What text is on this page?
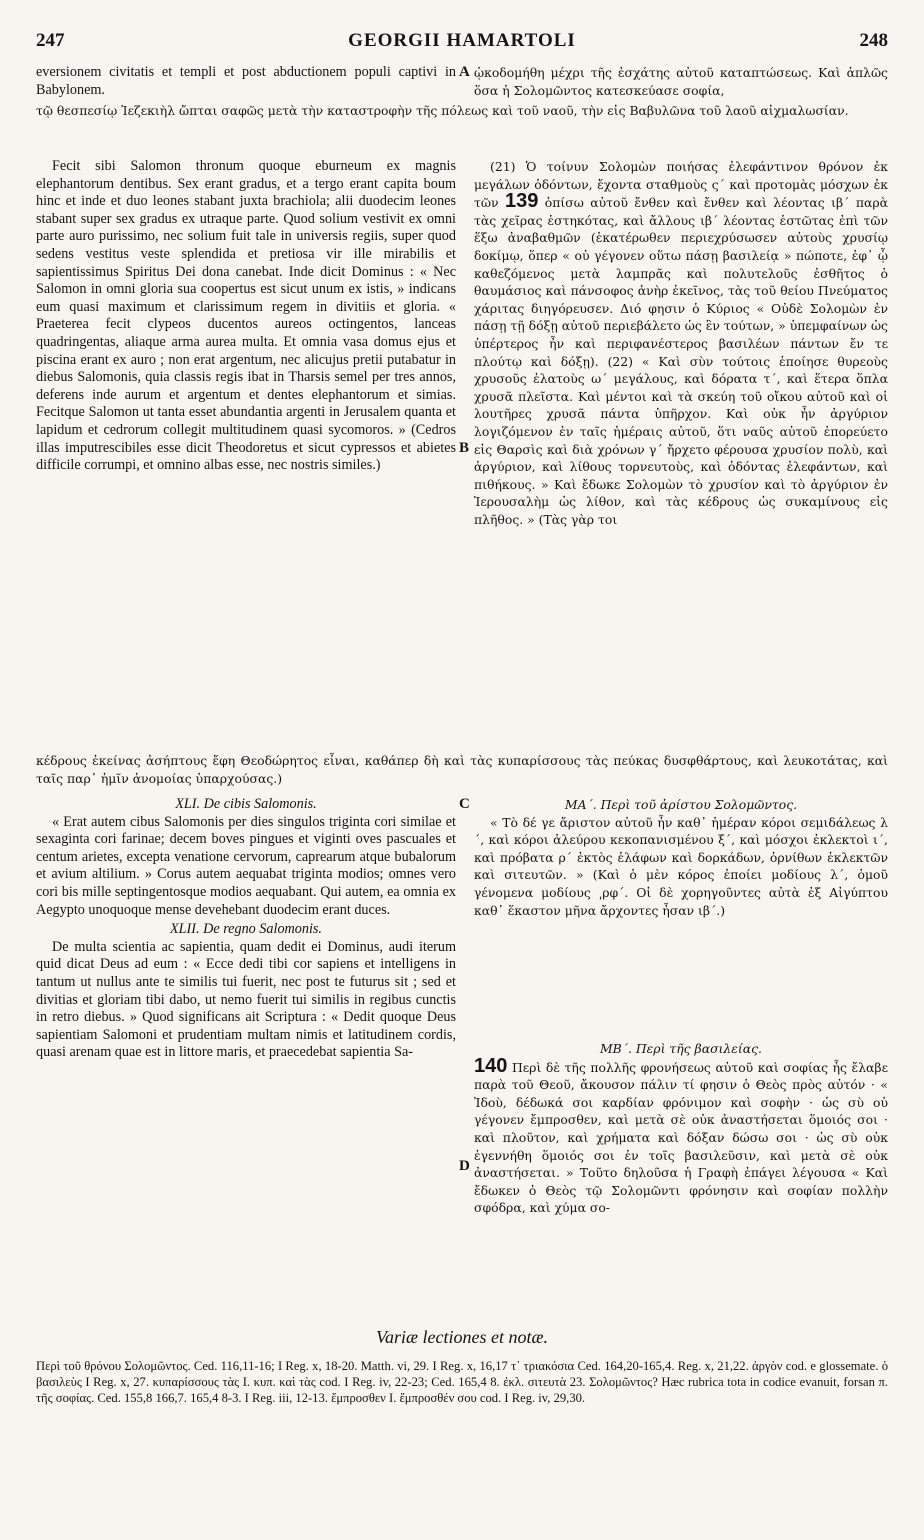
247	GEORGII HAMARTOLI	248

eversionem civitatis et templi et post abductionem populi captivi in Babylonem.

A ᾠκοδομήθη μέχρι τῆς ἐσχάτης αὐτοῦ καταπτώσεως. Καὶ ἁπλῶς ὅσα ἡ Σολομῶντος κατεσκεύασε σοφία,

τῷ θεσπεσίῳ Ἰεζεκιὴλ ὤπται σαφῶς μετὰ τὴν καταστροφὴν τῆς πόλεως καὶ τοῦ ναοῦ, τὴν εἰς Βαβυλῶνα τοῦ λαοῦ αἰχμαλωσίαν.

Fecit sibi Salomon thronum quoque eburneum ex magnis elephantorum dentibus. Sex erant gradus, et a tergo erant capita boum hinc et inde et duo leones stabant juxta brachiola; alii duodecim leones stabant super sex gradus ex utraque parte. Quod solium vestivit ex omni parte auro purissimo, nec solium fuit tale in universis regiis, super quod sedens vestitus veste splendida et pretiosa vir ille mirabilis et sapientissimus Spiritus Dei dona canebat. Inde dicit Dominus : « Nec Salomon in omni gloria sua coopertus est sicut unum ex istis, » indicans eum quasi maximum et clarissimum regem in divitiis et gloria. « Praeterea fecit clypeos ducentos aureos octingentos, lanceas quadringentas, aliaque arma aurea multa. Et omnia vasa domus ejus et piscina erant ex auro ; non erat argentum, nec alicujus pretii putabatur in diebus Salomonis, quia classis regis ibat in Tharsis semel per tres annos, deferens inde aurum et argentum et dentes elephantorum et simias. Fecitque Salomon ut tanta esset abundantia argenti in Jerusalem quanta et lapidum et cedrorum collegit multitudinem quasi sycomoros. » (Cedros illas imputrescibiles esse dicit Theodoretus et sicut cypressos et abietes difficile corrumpi, et omnino albas esse, nec nostris similes.)

B

(21) Ὁ τοίνυν Σολομὼν ποιήσας ἐλεφάντινον θρόνον ἐκ μεγάλων ὀδόντων, ἔχοντα σταθμοὺς ς´ καὶ προτομὰς μόσχων ἐκ τῶν 139 ὀπίσω αὐτοῦ ἔνθεν καὶ ἔνθεν καὶ λέοντας ιβ´ παρὰ τὰς χεῖρας ἑστηκότας, καὶ ἄλλους ιβ´ λέοντας ἑστῶτας ἐπὶ τῶν ἕξω ἀναβαθμῶν (ἑκατέρωθεν περιεχρύσωσεν αὐτοὺς χρυσίῳ δοκίμῳ, ὅπερ « οὐ γέγονεν οὕτω πάσῃ βασιλείᾳ » πώποτε, ἐφ᾽ ᾧ καθεζόμενος μετὰ λαμπρᾶς καὶ πολυτελοῦς ἐσθῆτος ὁ θαυμάσιος καὶ πάνσοφος ἀνὴρ ἐκεῖνος, τὰς τοῦ θείου Πνεύματος χάριτας διηγόρευσεν. Διό φησιν ὁ Κύριος « Οὐδὲ Σολομὼν ἐν πάσῃ τῇ δόξῃ αὐτοῦ περιεβάλετο ὡς ἓν τούτων, » ὑπεμφαίνων ὡς ὑπέρτερος ἦν καὶ περιφανέστερος βασιλέων πάντων ἔν τε πλούτῳ καὶ δόξῃ). (22) « Καὶ σὺν τούτοις ἐποίησε θυρεοὺς χρυσοῦς ἐλατοὺς ω´ μεγάλους, καὶ δόρατα τ´, καὶ ἕτερα ὅπλα χρυσᾶ πλεῖστα. Καὶ μέντοι καὶ τὰ σκεύη τοῦ οἴκου αὐτοῦ καὶ οἱ λουτῆρες χρυσᾶ πάντα ὑπῆρχον. Καὶ οὐκ ἦν ἀργύριον λογιζόμενον ἐν ταῖς ἡμέραις αὐτοῦ, ὅτι ναῦς αὐτοῦ ἐπορεύετο εἰς Θαρσὶς καὶ διὰ χρόνων γ´ ἤρχετο φέρουσα χρυσίον πολὺ, καὶ ἀργύριον, καὶ λίθους τορνευτοὺς, καὶ ὀδόντας ἐλεφάντων, καὶ πιθήκους. » Καὶ ἔδωκε Σολομὼν τὸ χρυσίον καὶ τὸ ἀργύριον ἐν Ἱερουσαλὴμ ὡς λίθον, καὶ τὰς κέδρους ὡς συκαμίνους εἰς πλῆθος. » (Τὰς γὰρ τοι

κέδρους ἐκείνας ἀσήπτους ἔφη Θεοδώρητος εἶναι, καθάπερ δὴ καὶ τὰς κυπαρίσσους τὰς πεύκας δυσφθάρτους, καὶ λευκοτάτας, καὶ ταῖς παρ᾽ ἡμῖν ἀνομοίας ὑπαρχούσας.)

XLI. De cibis Salomonis.

« Erat autem cibus Salomonis per dies singulos triginta cori similae et sexaginta cori farinae; decem boves pingues et viginti oves pascuales et centum arietes, excepta venatione cervorum, caprearum atque bubalorum et avium altilium. » Corus autem aequabat triginta modios; omnes vero cori bis mille septingentosque modios aequabant. Qui autem, ea omnia ex Aegypto unoquoque mense devehebant duodecim erant duces.

XLII. De regno Salomonis.

De multa scientia ac sapientia, quam dedit ei Dominus, audi iterum quid dicat Deus ad eum : « Ecce dedi tibi cor sapiens et intelligens in tantum ut nullus ante te similis tui fuerit, nec post te futurus sit ; sed et divitias et gloriam tibi dabo, ut nemo fuerit tui similis in regibus cunctis in retro diebus. » Quod significans ait Scriptura : « Dedit quoque Deus sapientiam Salomoni et prudentiam multam nimis et latitudinem cordis, quasi arenam quae est in littore maris, et praecedebat sapientia Sa-

C	ΜΑ´. Περὶ τοῦ ἀρίστου Σολομῶντος.

« Τὸ δέ γε ἄριστον αὐτοῦ ἦν καθ᾽ ἡμέραν κόροι σεμιδάλεως λ´, καὶ κόροι ἀλεύρου κεκοπανισμένου ξ´, καὶ μόσχοι ἐκλεκτοὶ ι´, καὶ πρόβατα ρ´ ἐκτὸς ἐλάφων καὶ δορκάδων, ὀρνίθων ἐκλεκτῶν καὶ σιτευτῶν. » (Καὶ ὁ μὲν κόρος ἐποίει μοδίους λ´, ὁμοῦ γένομενα μοδίους ͵ρφ´. Οἱ δὲ χορηγοῦντες αὐτὰ ἐξ Αἰγύπτου καθ᾽ ἕκαστον μῆνα ἄρχοντες ἦσαν ιβ´.)

D

ΜΒ´. Περὶ τῆς βασιλείας.

140 Περὶ δὲ τῆς πολλῆς φρονήσεως αὐτοῦ καὶ σοφίας ἧς ἔλαβε παρὰ τοῦ Θεοῦ, ἄκουσον πάλιν τί φησιν ὁ Θεὸς πρὸς αὐτόν · « Ἰδοὺ, δέδωκά σοι καρδίαν φρόνιμον καὶ σοφὴν · ὡς σὺ οὐ γέγονεν ἔμπροσθεν, καὶ μετὰ σὲ οὐκ ἀναστήσεται ὅμοιός σοι · καὶ πλοῦτον, καὶ χρήματα καὶ δόξαν δώσω σοι · ὡς σὺ οὐκ ἐγεννήθη ὅμοιός σοι ἐν τοῖς βασιλεῦσιν, καὶ μετὰ σὲ οὐκ ἀναστήσεται. » Τοῦτο δηλοῦσα ἡ Γραφὴ ἐπάγει λέγουσα « Καὶ ἔδωκεν ὁ Θεὸς τῷ Σολομῶντι φρόνησιν καὶ σοφίαν πολλὴν σφόδρα, καὶ χύμα σο-

Variæ lectiones et notæ.
Περὶ τοῦ θρόνου Σολομῶντος. Ced. 116,11-16; I Reg. x, 18-20. Matth. vi, 29. I Reg. x, 16,17 τ᾽ τριακόσια Ced. 164,20-165,4. Reg. x, 21,22. ἀργὸν cod. e glossemate. ὁ βασιλεὺς I Reg. x, 27. κυπαρίσσους τὰς I. κυπ. καὶ τὰς cod. I Reg. iv, 22-23; Ced. 165,4 8. ἐκλ. σιτευτὰ 23. Σολομῶντος? Hæc rubrica tota in codice evanuit, forsan π. τῆς σοφίας. Ced. 155,8 166,7. 165,4 8-3. I Reg. iii, 12-13. ἔμπροσθεν I. ἔμπροσθέν σου cod. I Reg. iv, 29,30.
